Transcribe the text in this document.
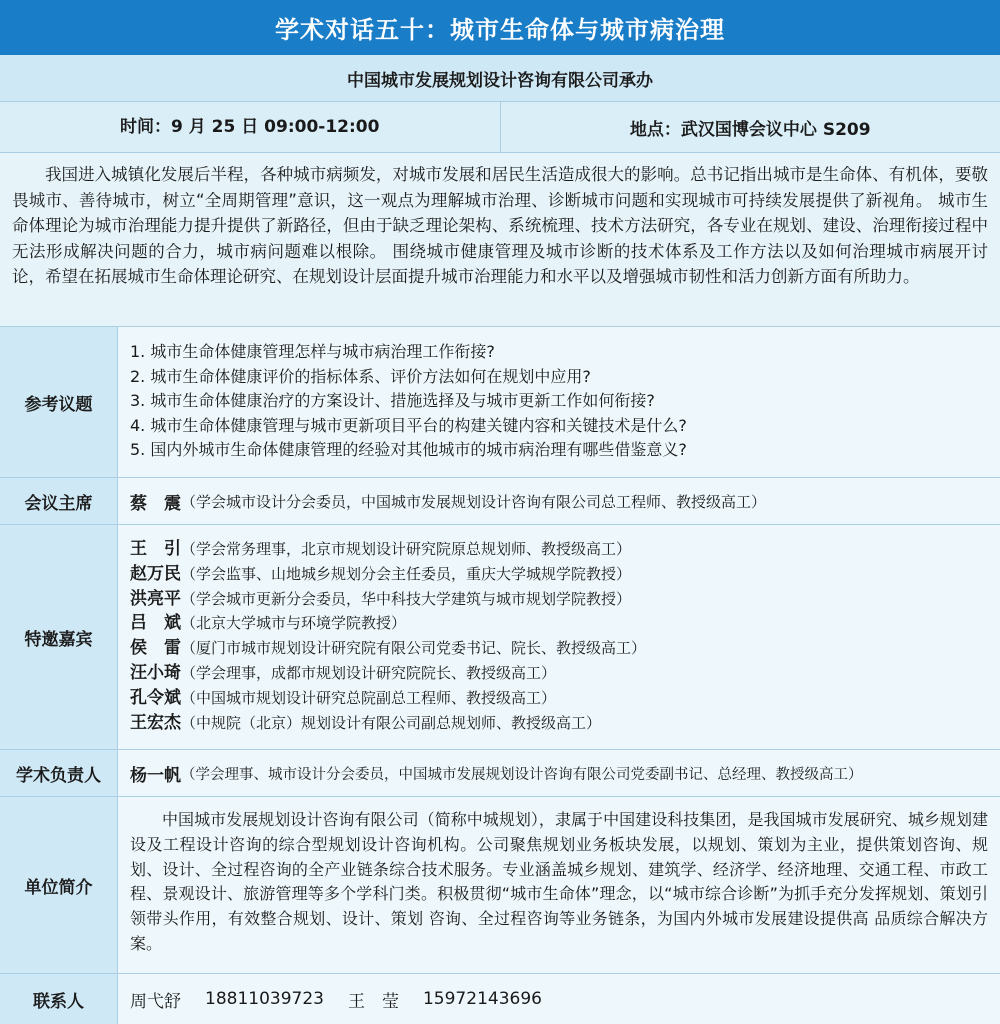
学术对话五十：城市生命体与城市病治理
中国城市发展规划设计咨询有限公司承办
时间：9 月 25 日 09:00-12:00	地点：武汉国博会议中心 S209
我国进入城镇化发展后半程，各种城市病频发，对城市发展和居民生活造成很大的影响。总书记指出城市是生命体、有机体，要敬畏城市、善待城市，树立“全周期管理”意识，这一观点为理解城市治理、诊断城市问题和实现城市可持续发展提供了新视角。 城市生命体理论为城市治理能力提升提供了新路径，但由于缺乏理论架构、系统梳理、技术方法研究，各专业在规划、建设、治理衔接过程中无法形成解决问题的合力，城市病问题难以根除。 围绕城市健康管理及城市诊断的技术体系及工作方法以及如何治理城市病展开讨论，希望在拓展城市生命体理论研究、在规划设计层面提升城市治理能力和水平以及增强城市韧性和活力创新方面有所助力。
参考议题
1. 城市生命体健康管理怎样与城市病治理工作衔接?
2. 城市生命体健康评价的指标体系、评价方法如何在规划中应用?
3. 城市生命体健康治疗的方案设计、措施选择及与城市更新工作如何衔接?
4. 城市生命体健康管理与城市更新项目平台的构建关键内容和关键技术是什么?
5. 国内外城市生命体健康管理的经验对其他城市的城市病治理有哪些借鉴意义?
会议主席	蔡　震 （学会城市设计分会委员，中国城市发展规划设计咨询有限公司总工程师、教授级高工）
特邀嘉宾
王　引（学会常务理事，北京市规划设计研究院原总规划师、教授级高工）
赵万民（学会监事、山地城乡规划分会主任委员，重庆大学城规学院教授）
洪亮平（学会城市更新分会委员，华中科技大学建筑与城市规划学院教授）
吕　斌（北京大学城市与环境学院教授）
侯　雷（厦门市城市规划设计研究院有限公司党委书记、院长、教授级高工）
汪小琦（学会理事，成都市规划设计研究院院长、教授级高工）
孔令斌（中国城市规划设计研究总院副总工程师、教授级高工）
王宏杰（中规院（北京）规划设计有限公司副总规划师、教授级高工）
学术负责人	杨一帆 （学会理事、城市设计分会委员，中国城市发展规划设计咨询有限公司党委副书记、总经理、教授级高工）
单位简介
中国城市发展规划设计咨询有限公司（简称中城规划），隶属于中国建设科技集团，是我国城市发展研究、城乡规划建设及工程设计咨询的综合型规划设计咨询机构。公司聚焦规划业务板块发展，以规划、策划为主业，提供策划咨询、规划、设计、全过程咨询的全产业链条综合技术服务。专业涵盖城乡规划、建筑学、经济学、经济地理、交通工程、市政工程、景观设计、旅游管理等多个学科门类。积极贯彻“城市生命体”理念，以“城市综合诊断”为抓手充分发挥规划、策划引领带头作用，有效整合规划、设计、策划 咨询、全过程咨询等业务链条，为国内外城市发展建设提供高 品质综合解决方案。
联系人	周弋舒 18811039723 王　莹 15972143696
